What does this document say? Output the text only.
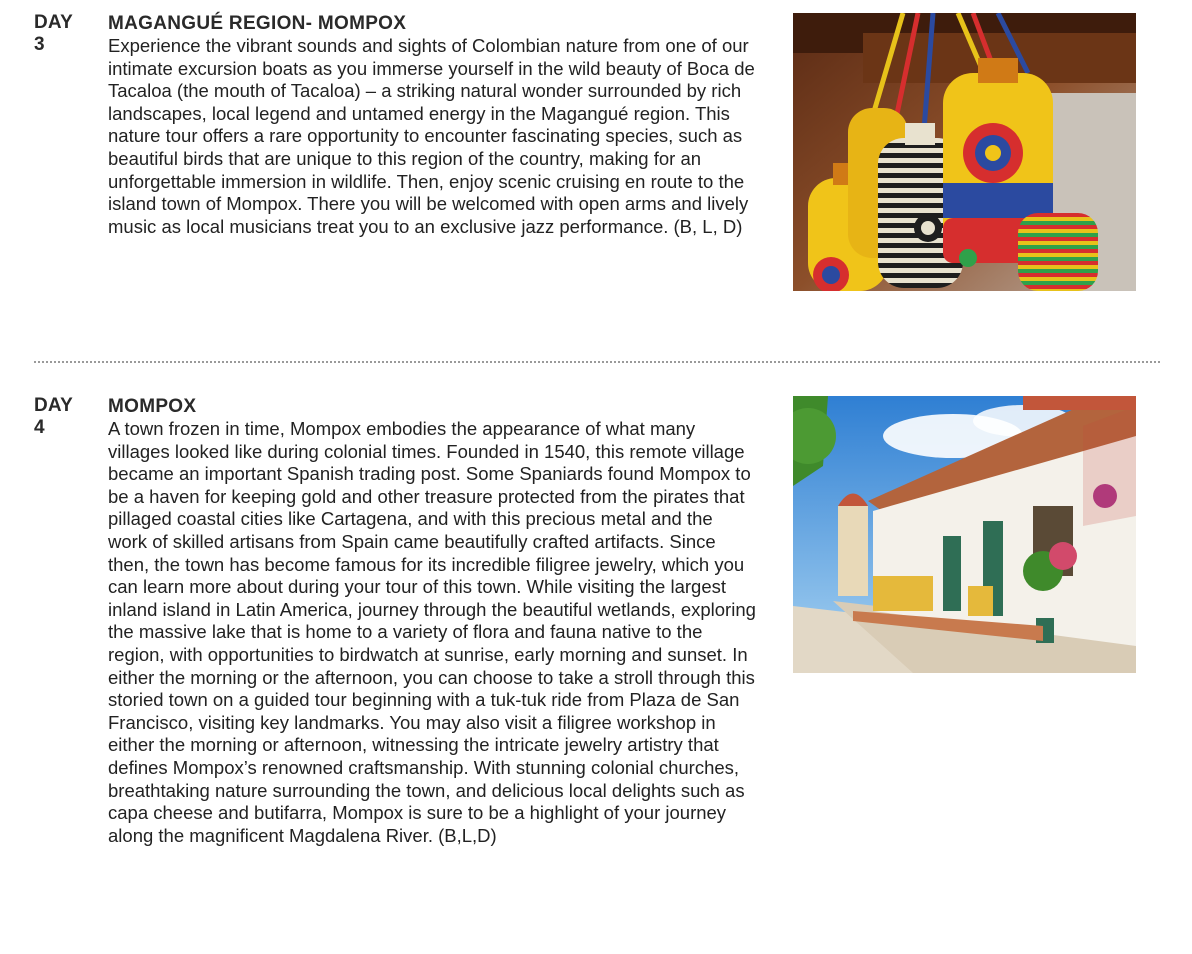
DAY
3
MAGANGUÉ REGION- MOMPOX

Experience the vibrant sounds and sights of Colombian nature from one of our intimate excursion boats as you immerse yourself in the wild beauty of Boca de Tacaloa (the mouth of Tacaloa) – a striking natural wonder surrounded by rich landscapes, local legend and untamed energy in the Magangué region. This nature tour offers a rare opportunity to encounter fascinating species, such as beautiful birds that are unique to this region of the country, making for an unforgettable immersion in wildlife. Then, enjoy scenic cruising en route to the island town of Mompox. There you will be welcomed with open arms and lively music as local musicians treat you to an exclusive jazz performance. (B, L, D)

DAY
4
MOMPOX

A town frozen in time, Mompox embodies the appearance of what many villages looked like during colonial times. Founded in 1540, this remote village became an important Spanish trading post. Some Spaniards found Mompox to be a haven for keeping gold and other treasure protected from the pirates that pillaged coastal cities like Cartagena, and with this precious metal and the work of skilled artisans from Spain came beautifully crafted artifacts. Since then, the town has become famous for its incredible filigree jewelry, which you can learn more about during your tour of this town. While visiting the largest inland island in Latin America, journey through the beautiful wetlands, exploring the massive lake that is home to a variety of flora and fauna native to the region, with opportunities to birdwatch at sunrise, early morning and sunset. In either the morning or the afternoon, you can choose to take a stroll through this storied town on a guided tour beginning with a tuk-tuk ride from Plaza de San Francisco, visiting key landmarks. You may also visit a filigree workshop in either the morning or afternoon, witnessing the intricate jewelry artistry that defines Mompox’s renowned craftsmanship. With stunning colonial churches, breathtaking nature surrounding the town, and delicious local delights such as capa cheese and butifarra, Mompox is sure to be a highlight of your journey along the magnificent Magdalena River. (B,L,D)
